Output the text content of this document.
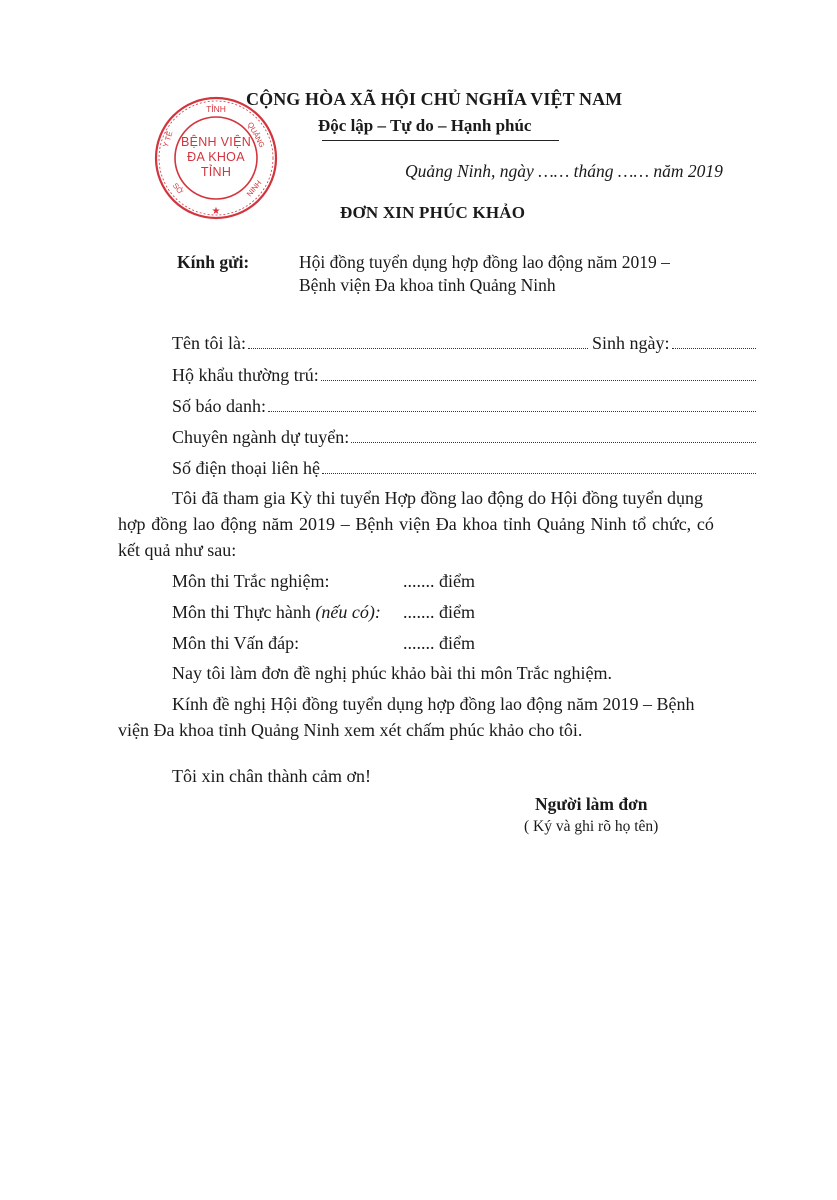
TỈNH
QUẢNG
NINH
SỞ
Y TẾ
★
BỆNH VIỆN
ĐA KHOA
TỈNH
CỘNG HÒA XÃ HỘI CHỦ NGHĨA VIỆT NAM
Độc lập – Tự do – Hạnh phúc
Quảng Ninh, ngày …… tháng …… năm 2019
ĐƠN XIN PHÚC KHẢO
Kính gửi:	Hội đồng tuyển dụng hợp đồng lao động năm 2019 –
Bệnh viện Đa khoa tỉnh Quảng Ninh
Tên tôi là:	Sinh ngày:
Hộ khẩu thường trú:
Số báo danh:
Chuyên ngành dự tuyển:
Số điện thoại liên hệ
Tôi đã tham gia Kỳ thi tuyển Hợp đồng lao động do Hội đồng tuyển dụng
hợp đồng lao động năm 2019 – Bệnh viện Đa khoa tỉnh Quảng Ninh tổ chức, có
kết quả như sau:
Môn thi Trắc nghiệm:	....... điểm
Môn thi Thực hành (nếu có): ....... điểm
Môn thi Vấn đáp:	....... điểm
Nay tôi làm đơn đề nghị phúc khảo bài thi môn Trắc nghiệm.
Kính đề nghị Hội đồng tuyển dụng hợp đồng lao động năm 2019 – Bệnh
viện Đa khoa tỉnh Quảng Ninh xem xét chấm phúc khảo cho tôi.
Tôi xin chân thành cảm ơn!
Người làm đơn
( Ký và ghi rõ họ tên)
